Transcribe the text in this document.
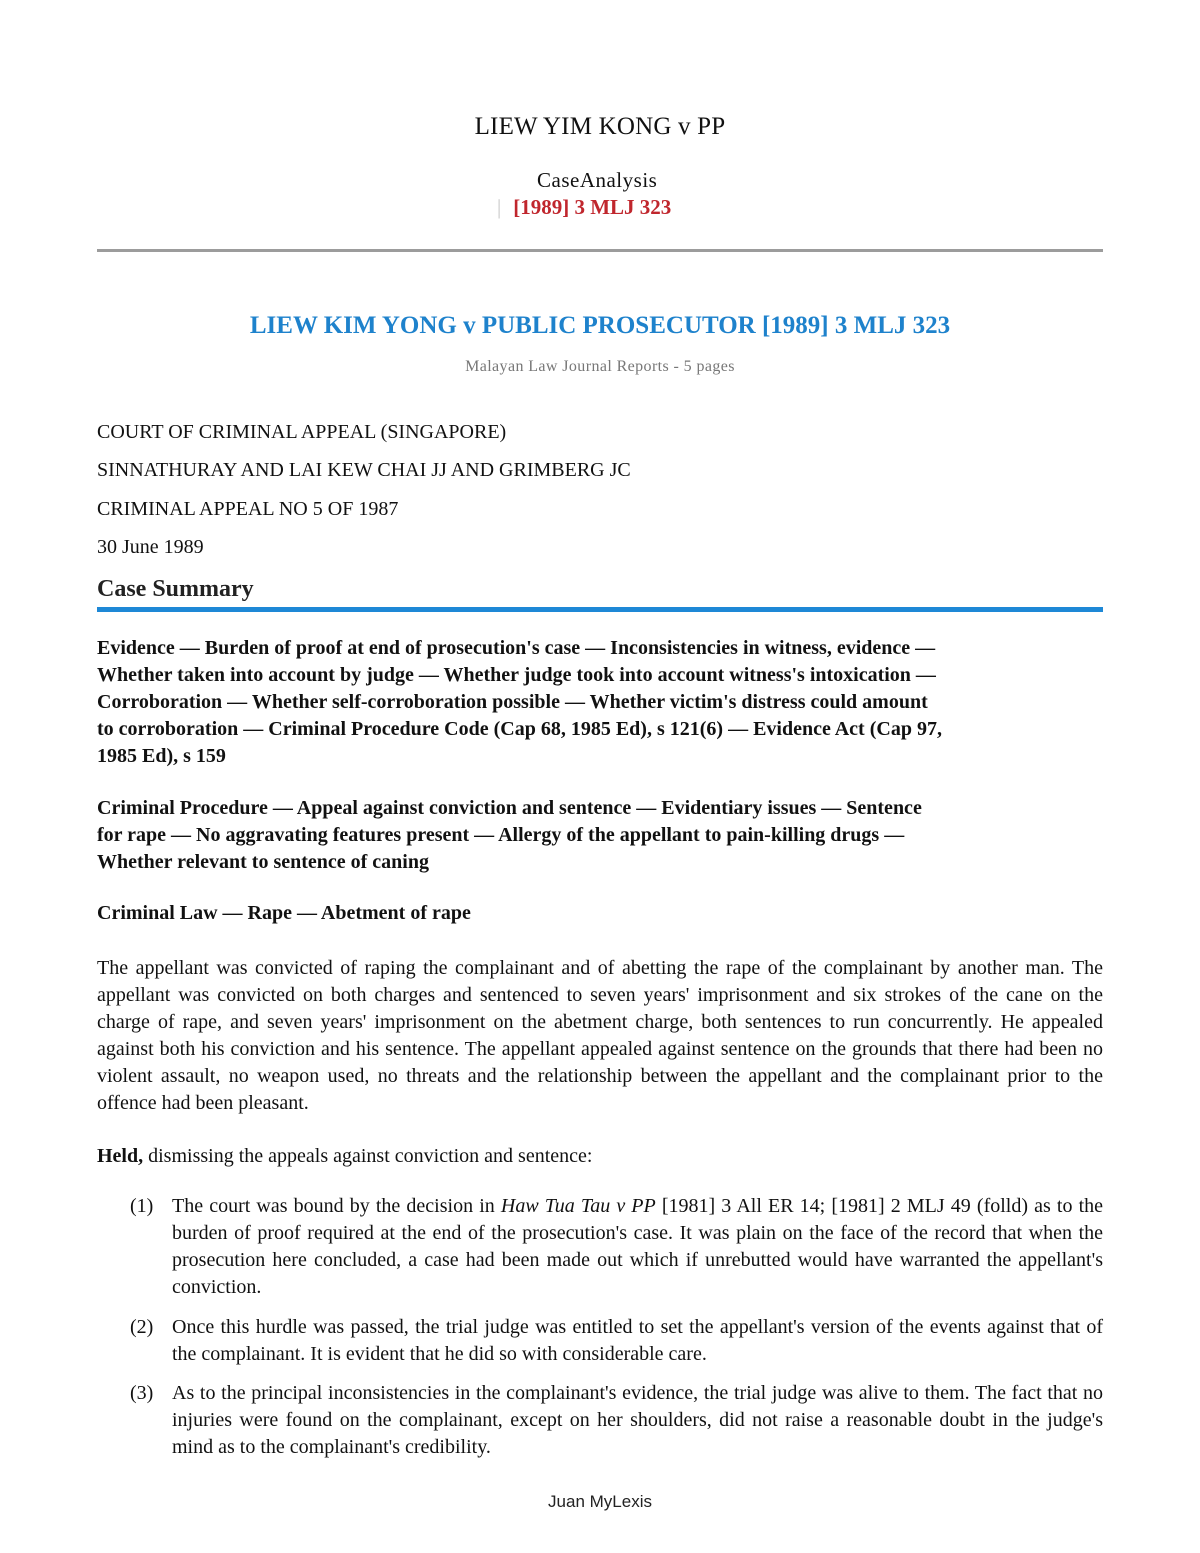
LIEW YIM KONG v PP
CaseAnalysis
| [1989] 3 MLJ 323
LIEW KIM YONG v PUBLIC PROSECUTOR [1989] 3 MLJ 323
Malayan Law Journal Reports - 5 pages
COURT OF CRIMINAL APPEAL (SINGAPORE)
SINNATHURAY AND LAI KEW CHAI JJ AND GRIMBERG JC
CRIMINAL APPEAL NO 5 OF 1987
30 June 1989
Case Summary
Evidence — Burden of proof at end of prosecution's case — Inconsistencies in witness, evidence —
Whether taken into account by judge — Whether judge took into account witness's intoxication —
Corroboration — Whether self-corroboration possible — Whether victim's distress could amount
to corroboration — Criminal Procedure Code (Cap 68, 1985 Ed), s 121(6) — Evidence Act (Cap 97,
1985 Ed), s 159
Criminal Procedure — Appeal against conviction and sentence — Evidentiary issues — Sentence
for rape — No aggravating features present — Allergy of the appellant to pain-killing drugs —
Whether relevant to sentence of caning
Criminal Law — Rape — Abetment of rape
The appellant was convicted of raping the complainant and of abetting the rape of the complainant by another man. The appellant was convicted on both charges and sentenced to seven years' imprisonment and six strokes of the cane on the charge of rape, and seven years' imprisonment on the abetment charge, both sentences to run concurrently. He appealed against both his conviction and his sentence. The appellant appealed against sentence on the grounds that there had been no violent assault, no weapon used, no threats and the relationship between the appellant and the complainant prior to the offence had been pleasant.
Held, dismissing the appeals against conviction and sentence:
(1) The court was bound by the decision in Haw Tua Tau v PP [1981] 3 All ER 14; [1981] 2 MLJ 49 (folld) as to the burden of proof required at the end of the prosecution's case. It was plain on the face of the record that when the prosecution here concluded, a case had been made out which if unrebutted would have warranted the appellant's conviction.
(2) Once this hurdle was passed, the trial judge was entitled to set the appellant's version of the events against that of the complainant. It is evident that he did so with considerable care.
(3) As to the principal inconsistencies in the complainant's evidence, the trial judge was alive to them. The fact that no injuries were found on the complainant, except on her shoulders, did not raise a reasonable doubt in the judge's mind as to the complainant's credibility.
Juan MyLexis
